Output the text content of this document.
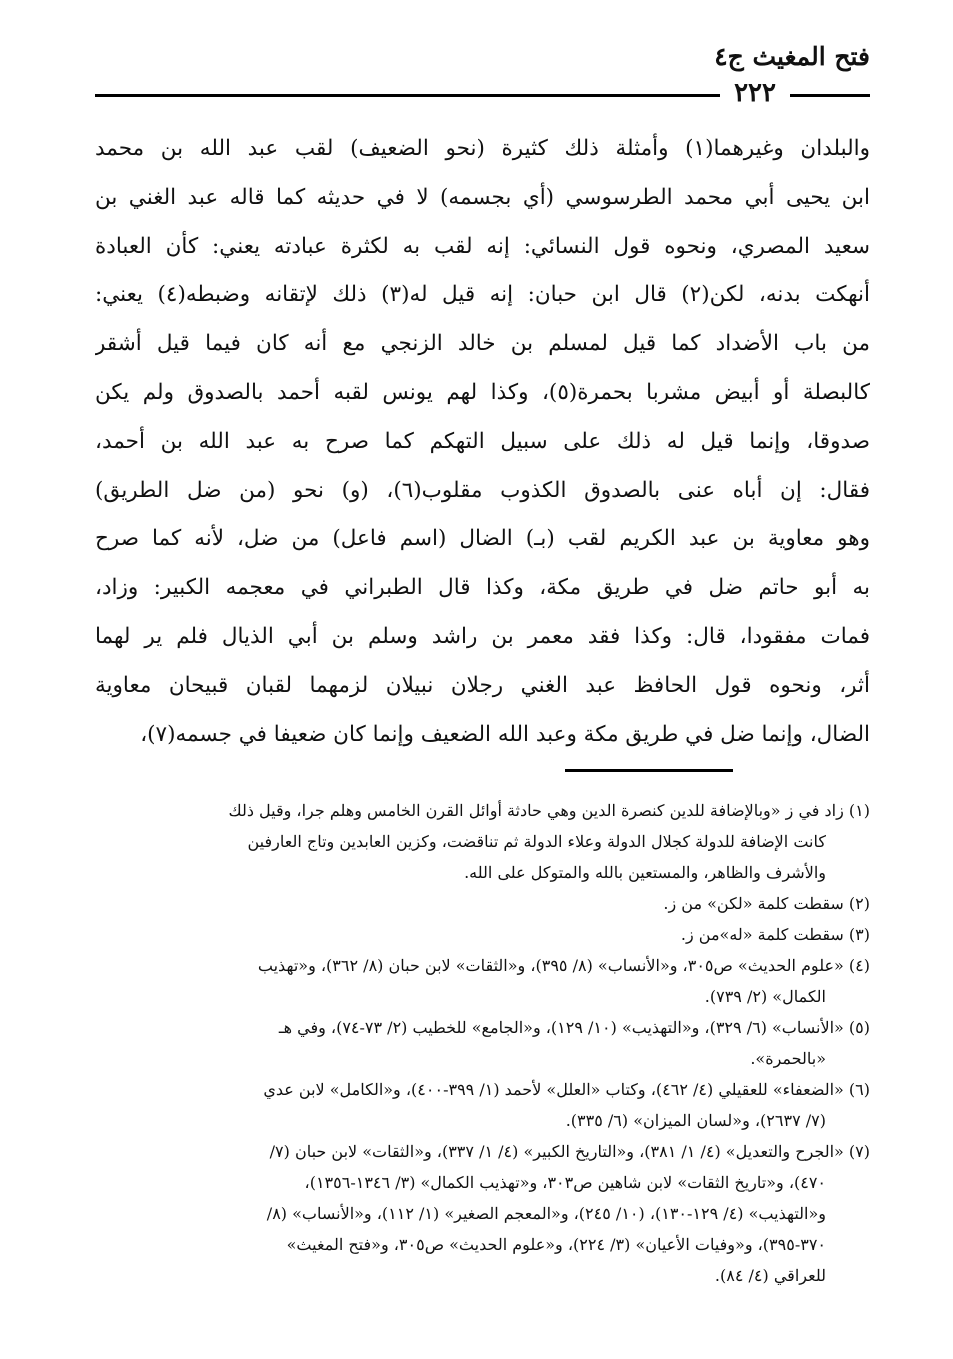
فتح المغيث ج٤
٢٢٢
والبلدان وغيرهما(١) وأمثلة ذلك كثيرة (نحو الضعيف) لقب عبد الله بن محمد
ابن يحيى أبي محمد الطرسوسي (أي بجسمه) لا في حديثه كما قاله عبد الغني بن
سعيد المصري، ونحوه قول النسائي: إنه لقب به لكثرة عبادته يعني: كأن العبادة
أنهكت بدنه، لكن(٢) قال ابن حبان: إنه قيل له(٣) ذلك لإتقانه وضبطه(٤) يعني:
من باب الأضداد كما قيل لمسلم بن خالد الزنجي مع أنه كان فيما قيل أشقر
كالبصلة أو أبيض مشربا بحمرة(٥)، وكذا لهم يونس لقبه أحمد بالصدوق ولم يكن
صدوقا، وإنما قيل له ذلك على سبيل التهكم كما صرح به عبد الله بن أحمد،
فقال: إن أباه عنى بالصدوق الكذوب مقلوب(٦)، (و) نحو (من ضل الطريق)
وهو معاوية بن عبد الكريم لقب (بـ) الضال (اسم فاعل) من ضل، لأنه كما صرح
به أبو حاتم ضل في طريق مكة، وكذا قال الطبراني في معجمه الكبير: وزاد،
فمات مفقودا، قال: وكذا فقد معمر بن راشد وسلم بن أبي الذيال فلم ير لهما
أثر، ونحوه قول الحافظ عبد الغني رجلان نبيلان لزمهما لقبان قبيحان معاوية
الضال، وإنما ضل في طريق مكة وعبد الله الضعيف وإنما كان ضعيفا في جسمه(٧)،
(١) زاد في ز «وبالإضافة للدين كنصرة الدين وهي حادثة أوائل القرن الخامس وهلم جرا، وقيل ذلك
كانت الإضافة للدولة كجلال الدولة وعلاء الدولة ثم تناقضت، وكزين العابدين وتاج العارفين
والأشرف والظاهر، والمستعين بالله والمتوكل على الله.
(٢) سقطت كلمة «لكن» من ز.
(٣) سقطت كلمة «له»من ز.
(٤) «علوم الحديث» ص٣٠٥، و«الأنساب» (٨/ ٣٩٥)، و«الثقات» لابن حبان (٨/ ٣٦٢)، و«تهذيب
الكمال» (٢/ ٧٣٩).
(٥) «الأنساب» (٦/ ٣٢٩)، و«التهذيب» (١٠/ ١٢٩)، و«الجامع» للخطيب (٢/ ٧٣-٧٤)، وفي هـ
«بالحمرة».
(٦) «الضعفاء» للعقيلي (٤/ ٤٦٢)، وكتاب «العلل» لأحمد (١/ ٣٩٩-٤٠٠)، و«الكامل» لابن عدي
(٧/ ٢٦٣٧)، و«لسان الميزان» (٦/ ٣٣٥).
(٧) «الجرح والتعديل» (٤/ ١/ ٣٨١)، و«التاريخ الكبير» (٤/ ١/ ٣٣٧)، و«الثقات» لابن حبان (٧/
٤٧٠)، و«تاريخ الثقات» لابن شاهين ص٣٠٣، و«تهذيب الكمال» (٣/ ١٣٤٦-١٣٥٦)،
و«التهذيب» (٤/ ١٢٩-١٣٠)، (١٠/ ٢٤٥)، و«المعجم الصغير» (١/ ١١٢)، و«الأنساب» (٨/
٣٧٠-٣٩٥)، و«وفيات الأعيان» (٣/ ٢٢٤)، و«علوم الحديث» ص٣٠٥، و«فتح المغيث»
للعراقي (٤/ ٨٤).
